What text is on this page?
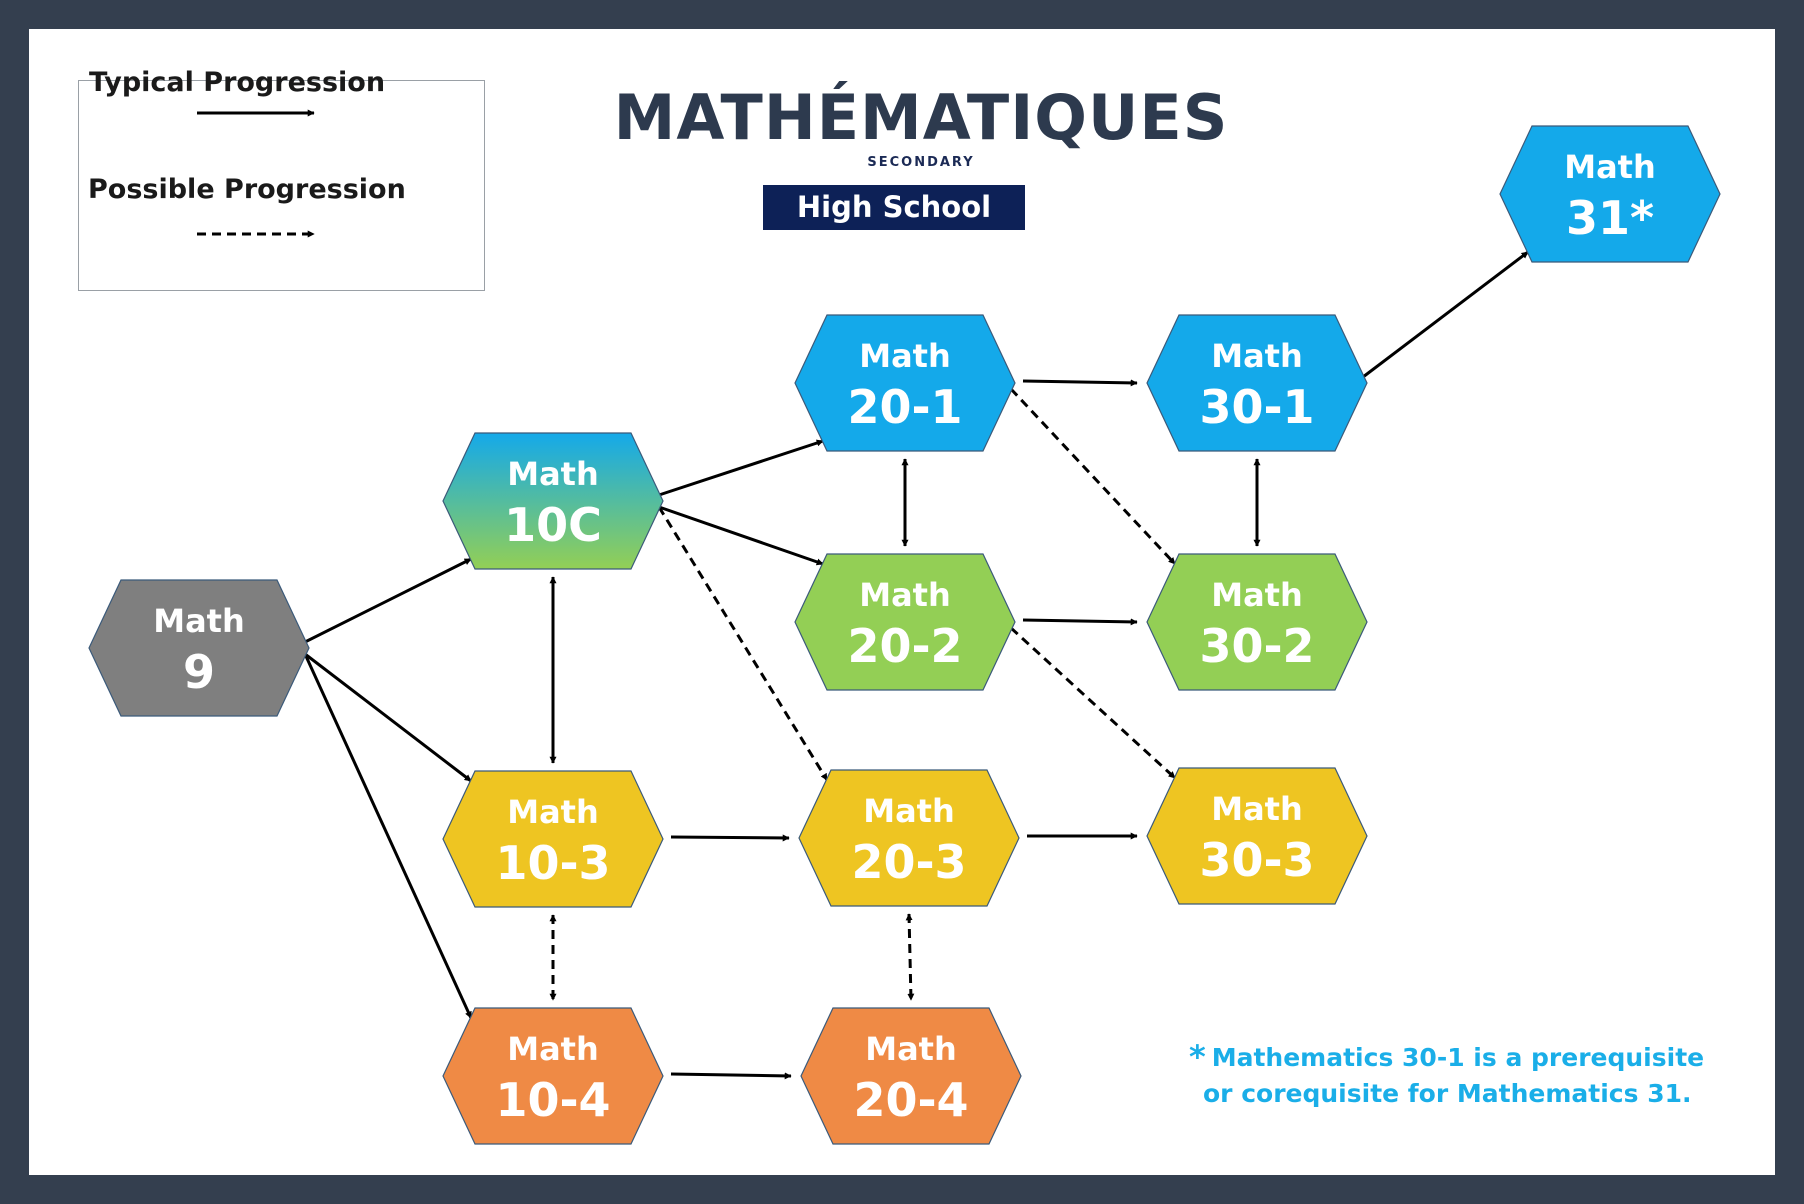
Typical Progression
Possible Progression
MATHÉMATIQUES
SECONDARY
High School
Math
9
Math
10C
Math
10-3
Math
10-4
Math
20-1
Math
20-2
Math
20-3
Math
20-4
Math
30-1
Math
30-2
Math
30-3
Math
31*
* Mathematics 30-1 is a prerequisite
or corequisite for Mathematics 31.
